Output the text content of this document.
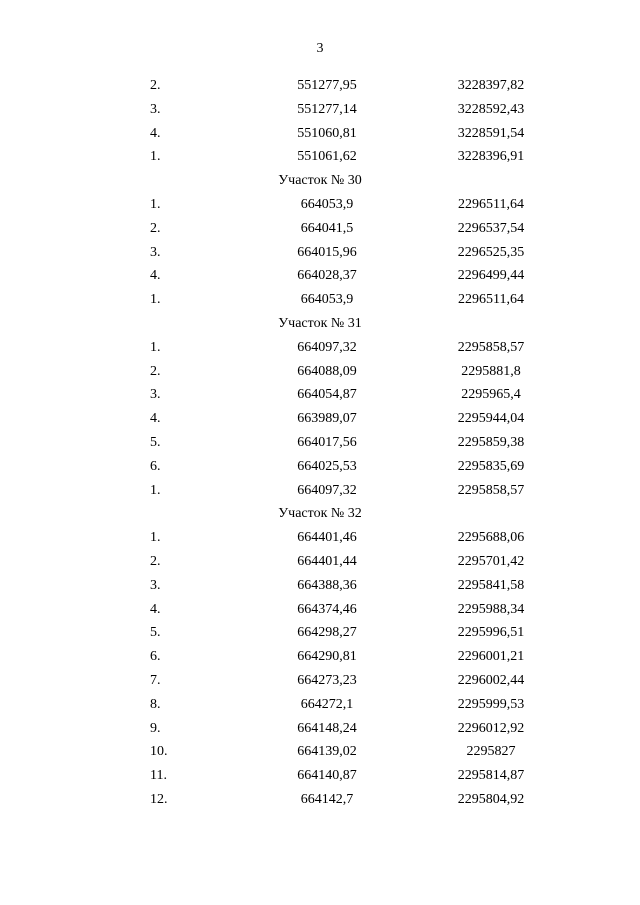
3
2.	551277,95	3228397,82
3.	551277,14	3228592,43
4.	551060,81	3228591,54
1.	551061,62	3228396,91
Участок № 30
1.	664053,9	2296511,64
2.	664041,5	2296537,54
3.	664015,96	2296525,35
4.	664028,37	2296499,44
1.	664053,9	2296511,64
Участок № 31
1.	664097,32	2295858,57
2.	664088,09	2295881,8
3.	664054,87	2295965,4
4.	663989,07	2295944,04
5.	664017,56	2295859,38
6.	664025,53	2295835,69
1.	664097,32	2295858,57
Участок № 32
1.	664401,46	2295688,06
2.	664401,44	2295701,42
3.	664388,36	2295841,58
4.	664374,46	2295988,34
5.	664298,27	2295996,51
6.	664290,81	2296001,21
7.	664273,23	2296002,44
8.	664272,1	2295999,53
9.	664148,24	2296012,92
10.	664139,02	2295827
11.	664140,87	2295814,87
12.	664142,7	2295804,92
